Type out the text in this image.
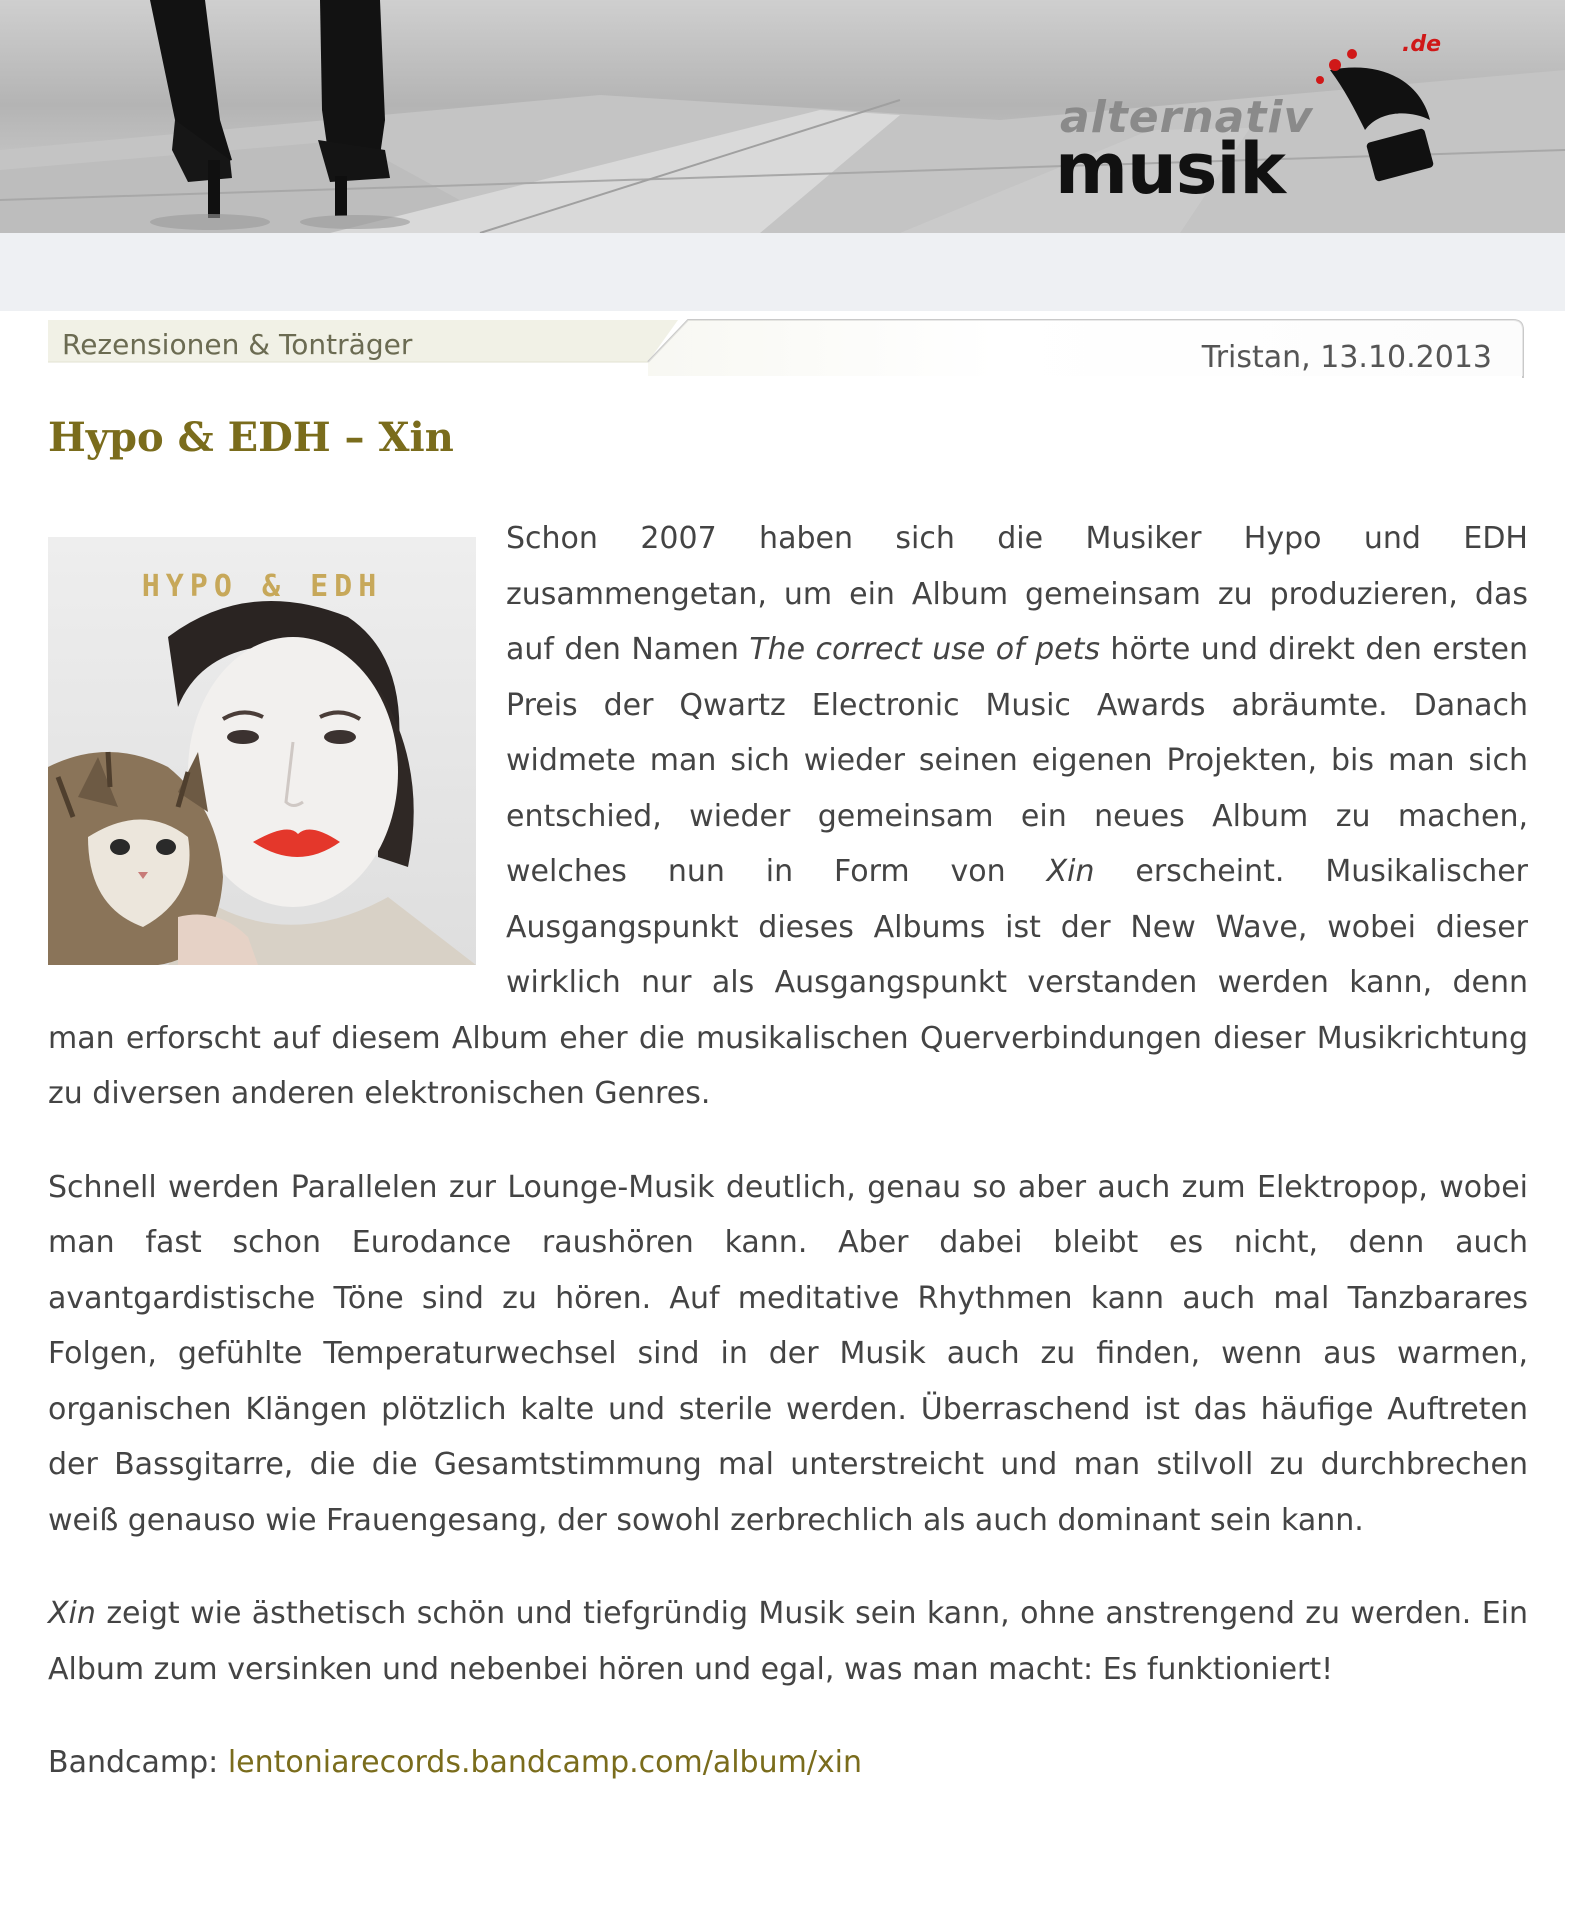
alternativ
musik
.de
Rezensionen & Tonträger	Tristan, 13.10.2013
Hypo & EDH – Xin
HYPO & EDH

Schon 2007 haben sich die Musiker Hypo und EDH zusammengetan, um ein Album gemeinsam zu produzieren, das auf den Namen The correct use of pets hörte und direkt den ersten Preis der Qwartz Electronic Music Awards abräumte. Danach widmete man sich wieder seinen eigenen Projekten, bis man sich entschied, wieder gemeinsam ein neues Album zu machen, welches nun in Form von Xin erscheint. Musikalischer Ausgangspunkt dieses Albums ist der New Wave, wobei dieser wirklich nur als Ausgangspunkt verstanden werden kann, denn man erforscht auf diesem Album eher die musikalischen Querverbindungen dieser Musikrichtung zu diversen anderen elektronischen Genres.

Schnell werden Parallelen zur Lounge-Musik deutlich, genau so aber auch zum Elektropop, wobei man fast schon Eurodance raushören kann. Aber dabei bleibt es nicht, denn auch avantgardistische Töne sind zu hören. Auf meditative Rhythmen kann auch mal Tanzbarares Folgen, gefühlte Temperaturwechsel sind in der Musik auch zu finden, wenn aus warmen, organischen Klängen plötzlich kalte und sterile werden. Überraschend ist das häufige Auftreten der Bassgitarre, die die Gesamtstimmung mal unterstreicht und man stilvoll zu durchbrechen weiß genauso wie Frauengesang, der sowohl zerbrechlich als auch dominant sein kann.

Xin zeigt wie ästhetisch schön und tiefgründig Musik sein kann, ohne anstrengend zu werden. Ein Album zum versinken und nebenbei hören und egal, was man macht: Es funktioniert!

Bandcamp: lentoniarecords.bandcamp.com/album/xin
